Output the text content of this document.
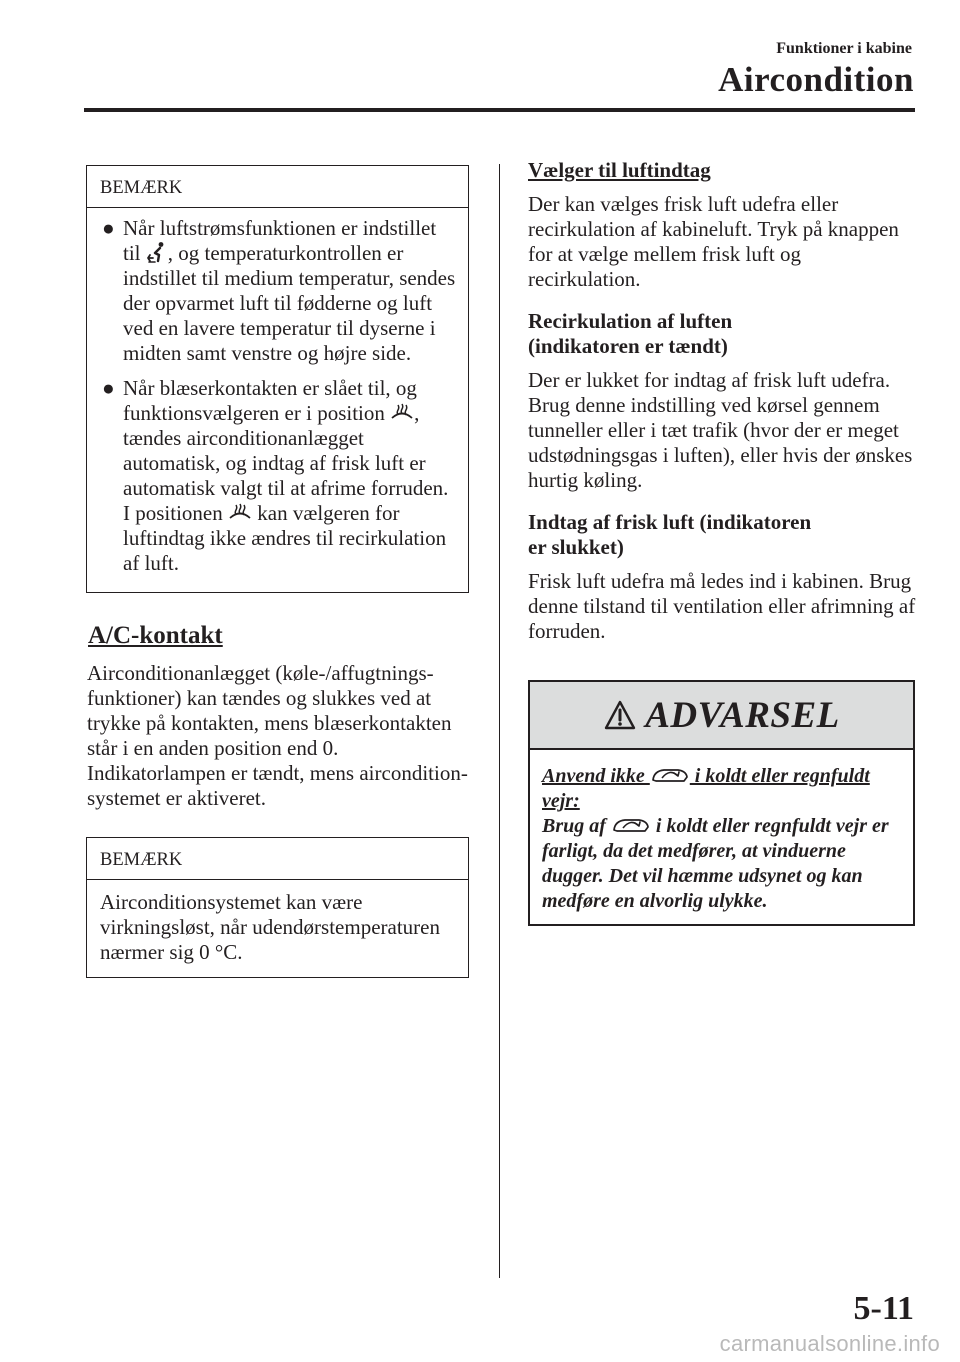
Funktioner i kabine
Aircondition
BEMÆRK
● Når luftstrømsfunktionen er indstillet til , og temperaturkontrollen er indstillet til medium temperatur, sendes der opvarmet luft til fødderne og luft ved en lavere temperatur til dyserne i midten samt venstre og højre side.
● Når blæserkontakten er slået til, og funktionsvælgeren er i position , tændes airconditionanlægget automatisk, og indtag af frisk luft er automatisk valgt til at afrime forruden. I positionen  kan vælgeren for luftindtag ikke ændres til recirkulation af luft.
A/C-kontakt
Airconditionanlægget (køle-/affugtnings-funktioner) kan tændes og slukkes ved at trykke på kontakten, mens blæserkontakten står i en anden position end 0. Indikatorlampen er tændt, mens aircondition-systemet er aktiveret.
BEMÆRK
Airconditionsystemet kan være virkningsløst, når udendørstemperaturen nærmer sig 0 °C.
Vælger til luftindtag
Der kan vælges frisk luft udefra eller recirkulation af kabineluft. Tryk på knappen for at vælge mellem frisk luft og recirkulation.
Recirkulation af luften
(indikatoren er tændt)
Der er lukket for indtag af frisk luft udefra. Brug denne indstilling ved kørsel gennem tunneller eller i tæt trafik (hvor der er meget udstødningsgas i luften), eller hvis der ønskes hurtig køling.
Indtag af frisk luft (indikatoren
er slukket)
Frisk luft udefra må ledes ind i kabinen. Brug denne tilstand til ventilation eller afrimning af forruden.
ADVARSEL
Anvend ikke  i koldt eller regnfuldt vejr:
Brug af  i koldt eller regnfuldt vejr er farligt, da det medfører, at vinduerne dugger. Det vil hæmme udsynet og kan medføre en alvorlig ulykke.
5-11
carmanualsonline.info
